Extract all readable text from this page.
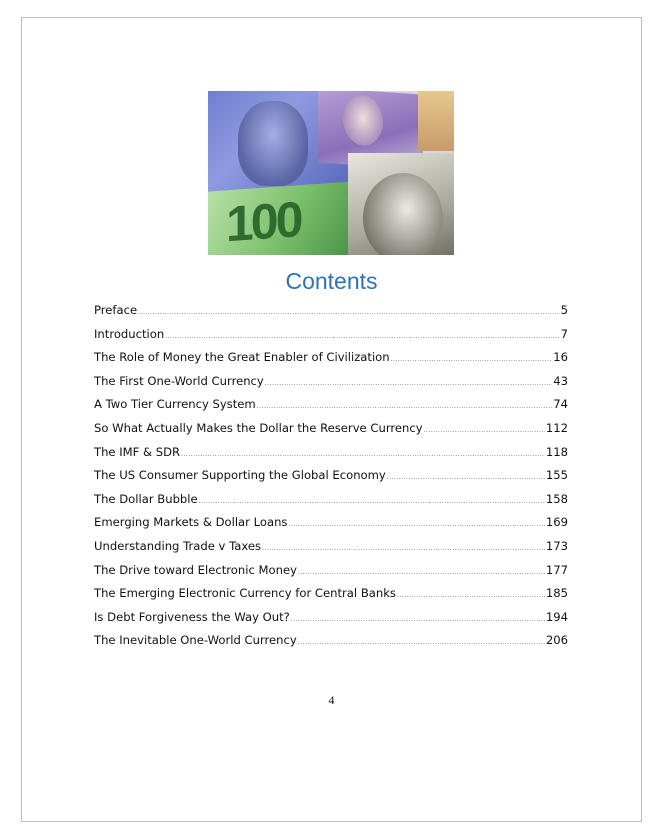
100
Contents
Preface .....	5
Introduction .....	7
The Role of Money the Great Enabler of Civilization .....	16
The First One-World Currency .....	43
A Two Tier Currency System .....	74
So What Actually Makes the Dollar the Reserve Currency .....	112
The IMF & SDR .....	118
The US Consumer Supporting the Global Economy .....	155
The Dollar Bubble .....	158
Emerging Markets & Dollar Loans .....	169
Understanding Trade v Taxes .....	173
The Drive toward Electronic Money .....	177
The Emerging Electronic Currency for Central Banks .....	185
Is Debt Forgiveness the Way Out? .....	194
The Inevitable One-World Currency .....	206
4
